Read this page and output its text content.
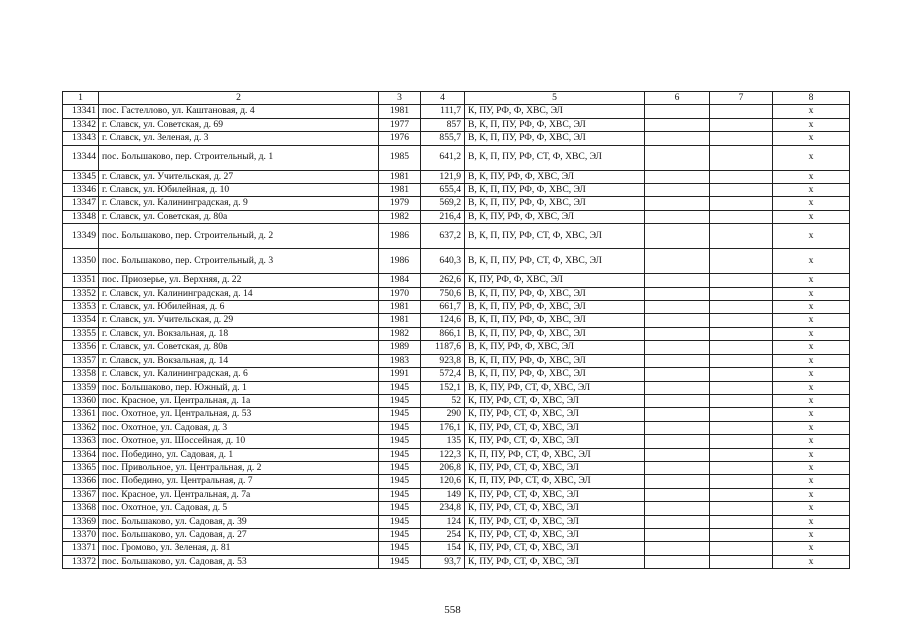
1	2	3	4	5	6	7	8
13341	пос. Гастеллово, ул. Каштановая, д. 4	1981	111,7	К, ПУ, РФ, Ф, ХВС, ЭЛ			х
13342	г. Славск, ул. Советская, д. 69	1977	857	В, К, П, ПУ, РФ, Ф, ХВС, ЭЛ			х
13343	г. Славск, ул. Зеленая, д. 3	1976	855,7	В, К, П, ПУ, РФ, Ф, ХВС, ЭЛ			х
13344	пос. Большаково, пер. Строительный, д. 1	1985	641,2	В, К, П, ПУ, РФ, СТ, Ф, ХВС, ЭЛ			х
13345	г. Славск, ул. Учительская, д. 27	1981	121,9	В, К, ПУ, РФ, Ф, ХВС, ЭЛ			х
13346	г. Славск, ул. Юбилейная, д. 10	1981	655,4	В, К, П, ПУ, РФ, Ф, ХВС, ЭЛ			х
13347	г. Славск, ул. Калининградская, д. 9	1979	569,2	В, К, П, ПУ, РФ, Ф, ХВС, ЭЛ			х
13348	г. Славск, ул. Советская, д. 80а	1982	216,4	В, К, ПУ, РФ, Ф, ХВС, ЭЛ			х
13349	пос. Большаково, пер. Строительный, д. 2	1986	637,2	В, К, П, ПУ, РФ, СТ, Ф, ХВС, ЭЛ			х
13350	пос. Большаково, пер. Строительный, д. 3	1986	640,3	В, К, П, ПУ, РФ, СТ, Ф, ХВС, ЭЛ			х
13351	пос. Приозерье, ул. Верхняя, д. 22	1984	262,6	К, ПУ, РФ, Ф, ХВС, ЭЛ			х
13352	г. Славск, ул. Калининградская, д. 14	1970	750,6	В, К, П, ПУ, РФ, Ф, ХВС, ЭЛ			х
13353	г. Славск, ул. Юбилейная, д. 6	1981	661,7	В, К, П, ПУ, РФ, Ф, ХВС, ЭЛ			х
13354	г. Славск, ул. Учительская, д. 29	1981	124,6	В, К, П, ПУ, РФ, Ф, ХВС, ЭЛ			х
13355	г. Славск, ул. Вокзальная, д. 18	1982	866,1	В, К, П, ПУ, РФ, Ф, ХВС, ЭЛ			х
13356	г. Славск, ул. Советская, д. 80в	1989	1187,6	В, К, ПУ, РФ, Ф, ХВС, ЭЛ			х
13357	г. Славск, ул. Вокзальная, д. 14	1983	923,8	В, К, П, ПУ, РФ, Ф, ХВС, ЭЛ			х
13358	г. Славск, ул. Калининградская, д. 6	1991	572,4	В, К, П, ПУ, РФ, Ф, ХВС, ЭЛ			х
13359	пос. Большаково, пер. Южный, д. 1	1945	152,1	В, К, ПУ, РФ, СТ, Ф, ХВС, ЭЛ			х
13360	пос. Красное, ул. Центральная, д. 1а	1945	52	К, ПУ, РФ, СТ, Ф, ХВС, ЭЛ			х
13361	пос. Охотное, ул. Центральная, д. 53	1945	290	К, ПУ, РФ, СТ, Ф, ХВС, ЭЛ			х
13362	пос. Охотное, ул. Садовая, д. 3	1945	176,1	К, ПУ, РФ, СТ, Ф, ХВС, ЭЛ			х
13363	пос. Охотное, ул. Шоссейная, д. 10	1945	135	К, ПУ, РФ, СТ, Ф, ХВС, ЭЛ			х
13364	пос. Победино, ул. Садовая, д. 1	1945	122,3	К, П, ПУ, РФ, СТ, Ф, ХВС, ЭЛ			х
13365	пос. Привольное, ул. Центральная, д. 2	1945	206,8	К, ПУ, РФ, СТ, Ф, ХВС, ЭЛ			х
13366	пос. Победино, ул. Центральная, д. 7	1945	120,6	К, П, ПУ, РФ, СТ, Ф, ХВС, ЭЛ			х
13367	пос. Красное, ул. Центральная, д. 7а	1945	149	К, ПУ, РФ, СТ, Ф, ХВС, ЭЛ			х
13368	пос. Охотное, ул. Садовая, д. 5	1945	234,8	К, ПУ, РФ, СТ, Ф, ХВС, ЭЛ			х
13369	пос. Большаково, ул. Садовая, д. 39	1945	124	К, ПУ, РФ, СТ, Ф, ХВС, ЭЛ			х
13370	пос. Большаково, ул. Садовая, д. 27	1945	254	К, ПУ, РФ, СТ, Ф, ХВС, ЭЛ			х
13371	пос. Громово, ул. Зеленая, д. 81	1945	154	К, ПУ, РФ, СТ, Ф, ХВС, ЭЛ			х
13372	пос. Большаково, ул. Садовая, д. 53	1945	93,7	К, ПУ, РФ, СТ, Ф, ХВС, ЭЛ			х
558
